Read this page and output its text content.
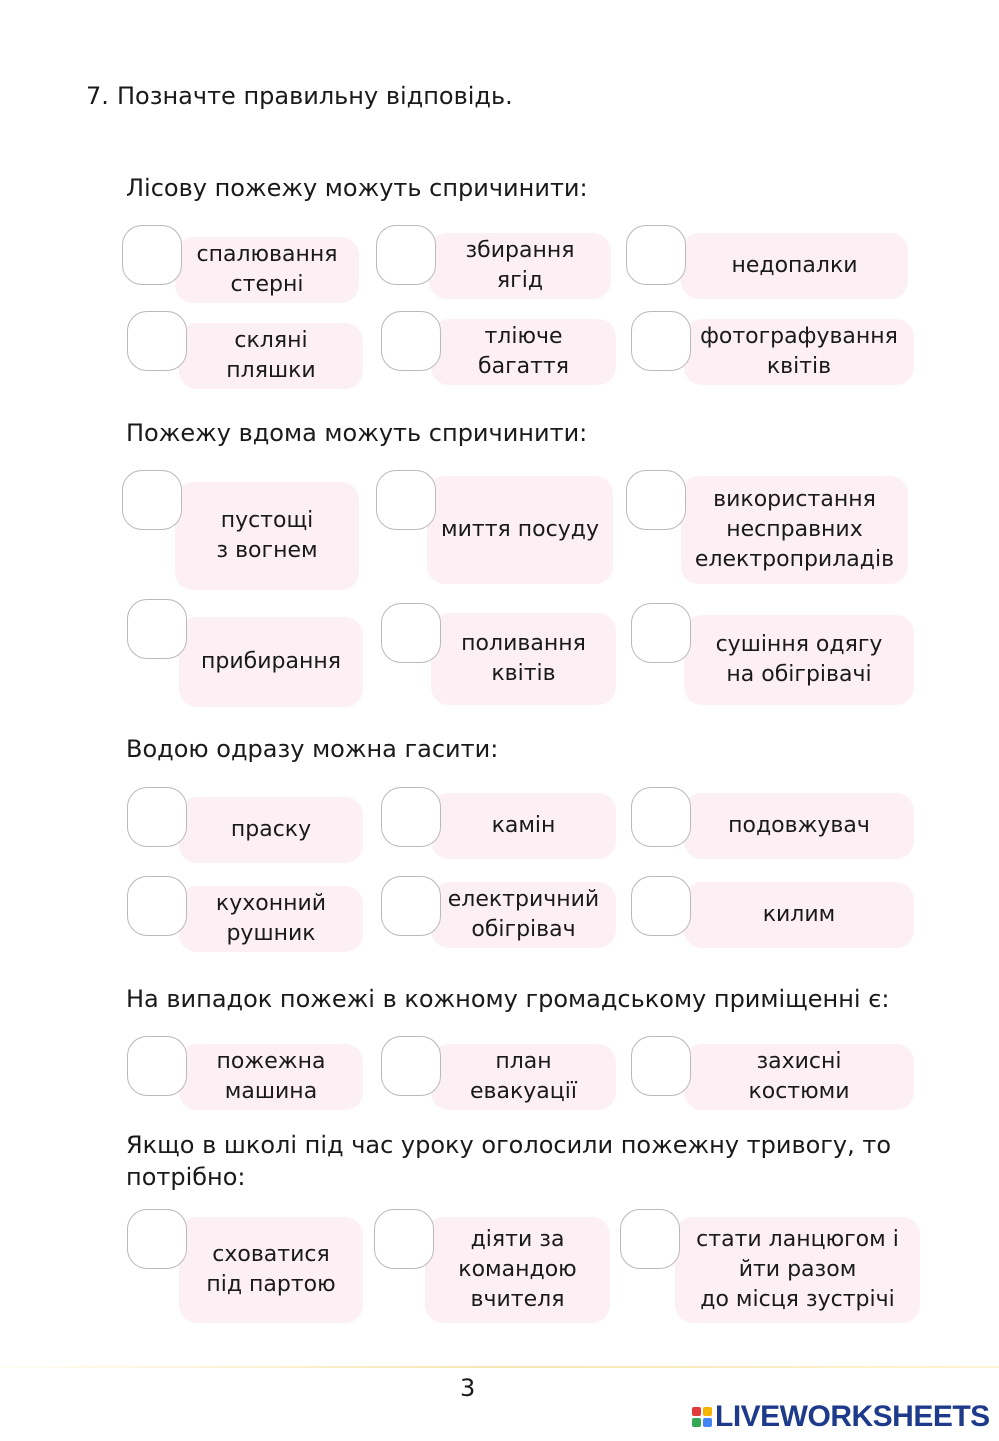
7. Позначте правильну відповідь.
Лісову пожежу можуть спричинити:
спалювання
стерні
збирання
ягід
недопалки
скляні
пляшки
тліюче
багаття
фотографування
квітів
Пожежу вдома можуть спричинити:
пустощі
з вогнем
миття посуду
використання
несправних
електроприладів
прибирання
поливання
квітів
сушіння одягу
на обігрівачі
Водою одразу можна гасити:
праску	камін	подовжувач
кухонний
рушник
електричний
обігрівач
килим
На випадок пожежі в кожному громадському приміщенні є:
пожежна
машина
план
евакуації
захисні
костюми
Якщо в школі під час уроку оголосили пожежну тривогу, то
потрібно:
сховатися
під партою
діяти за
командою
вчителя
стати ланцюгом і
йти разом
до місця зустрічі
3
LIVEWORKSHEETS
